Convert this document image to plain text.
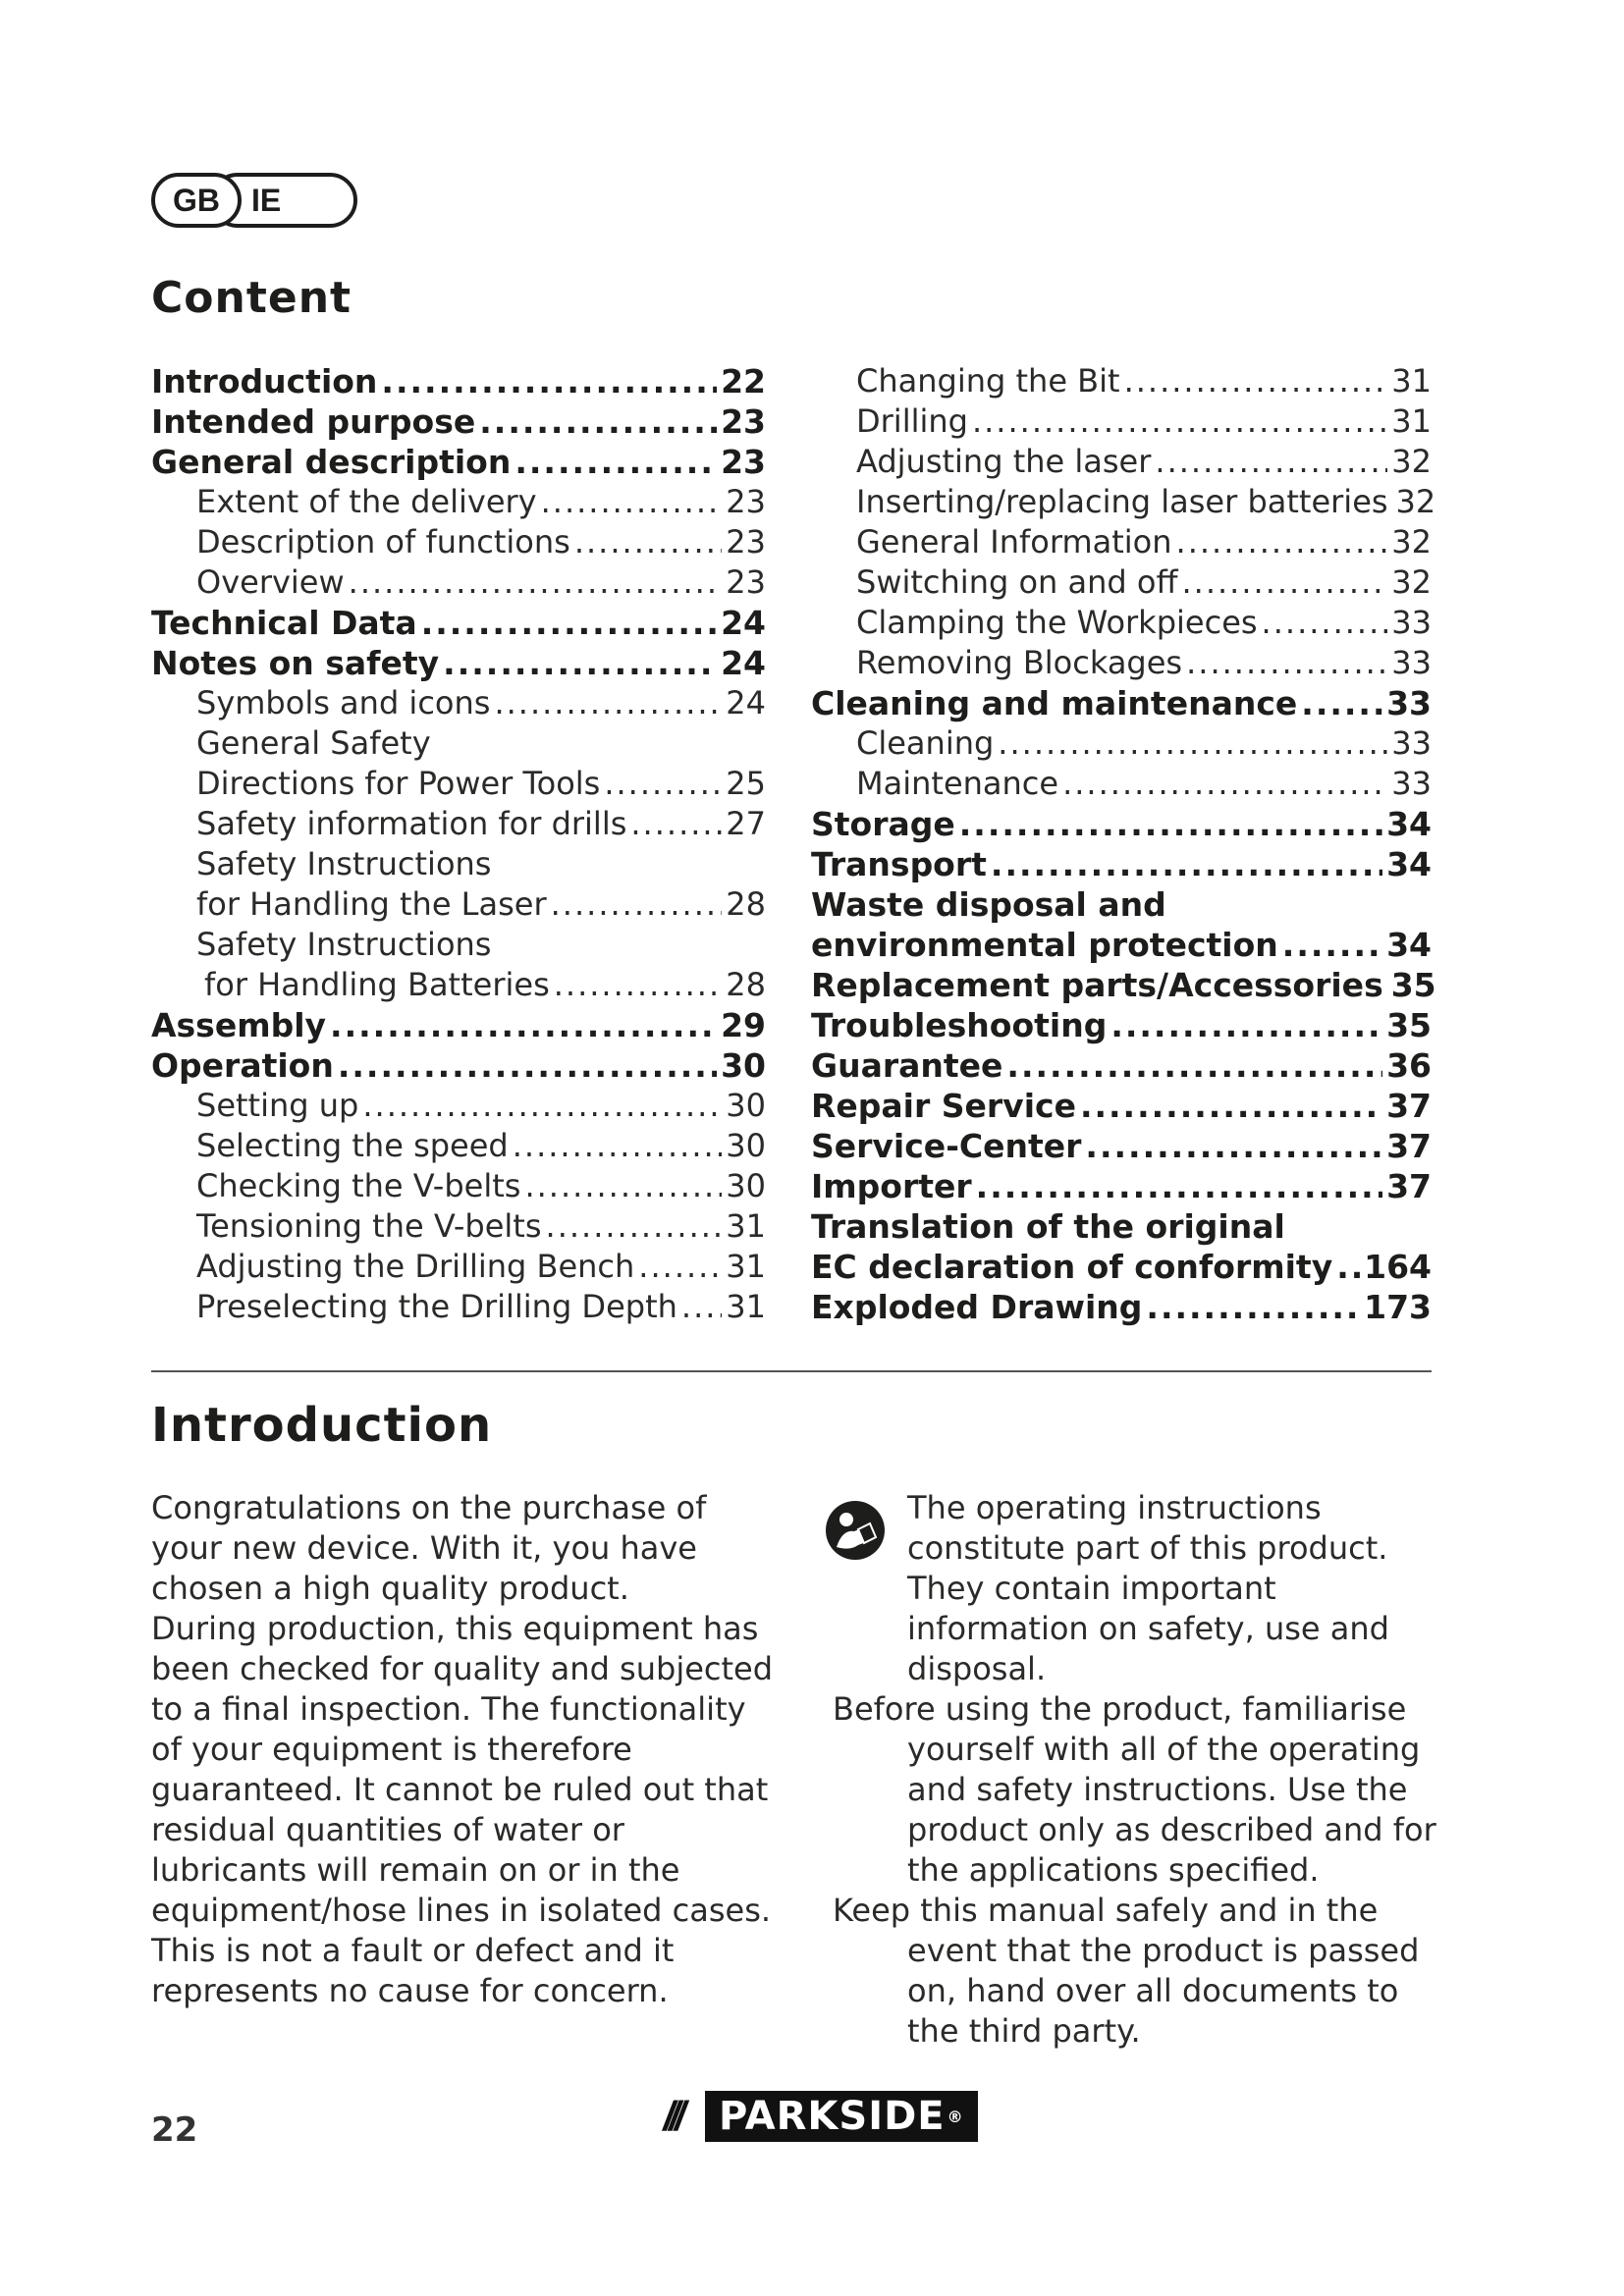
GB	IE
Content
Introduction .....	22
Intended purpose .....	23
General description .....	23
Extent of the delivery .....	23
Description of functions .....	23
Overview .....	23
Technical Data .....	24
Notes on safety .....	24
Symbols and icons .....	24
General Safety
Directions for Power Tools .....	25
Safety information for drills .....	27
Safety Instructions
for Handling the Laser .....	28
Safety Instructions
for Handling Batteries .....	28
Assembly .....	29
Operation .....	30
Setting up .....	30
Selecting the speed .....	30
Checking the V-belts .....	30
Tensioning the V-belts .....	31
Adjusting the Drilling Bench .....	31
Preselecting the Drilling Depth ..... 31
Changing the Bit .....	31
Drilling .....	31
Adjusting the laser .....	32
Inserting/replacing laser batteries 32
General Information .....	32
Switching on and off .....	32
Clamping the Workpieces .....	33
Removing Blockages .....	33
Cleaning and maintenance .....	33
Cleaning .....	33
Maintenance .....	33
Storage .....	34
Transport .....	34
Waste disposal and
environmental protection .....	34
Replacement parts/Accessories 35
Troubleshooting .....	35
Guarantee .....	36
Repair Service .....	37
Service-Center .....	37
Importer .....	37
Translation of the original
EC declaration of conformity ..... 164
Exploded Drawing .....	173
Introduction

Congratulations on the purchase of your new device. With it, you have chosen a high quality product.

During production, this equipment has been checked for quality and subjected to a final inspection. The functionality of your equipment is therefore guaranteed. It cannot be ruled out that residual quantities of water or lubricants will remain on or in the equipment/hose lines in isolated cases. This is not a fault or defect and it represents no cause for concern.

The operating instructions constitute part of this product. They contain important information on safety, use and disposal.

Before using the product, familiarise yourself with all of the operating and safety instructions. Use the product only as described and for the applications specified.

Keep this manual safely and in the event that the product is passed on, hand over all documents to the third party.

22	/// PARKSIDE ®
